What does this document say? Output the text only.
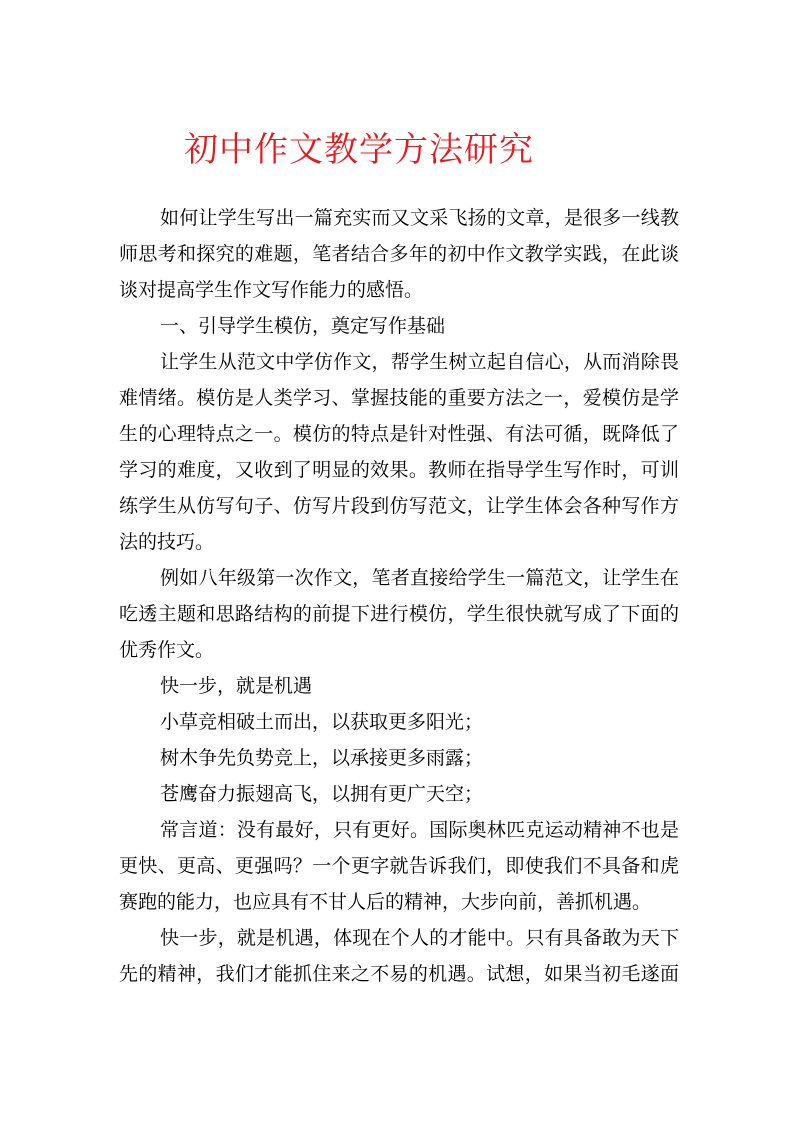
初中作文教学方法研究
如何让学生写出一篇充实而又文采飞扬的文章，是很多一线教
师思考和探究的难题，笔者结合多年的初中作文教学实践，在此谈
谈对提高学生作文写作能力的感悟。
一、引导学生模仿，奠定写作基础
让学生从范文中学仿作文，帮学生树立起自信心，从而消除畏
难情绪。模仿是人类学习、掌握技能的重要方法之一，爱模仿是学
生的心理特点之一。模仿的特点是针对性强、有法可循，既降低了
学习的难度，又收到了明显的效果。教师在指导学生写作时，可训
练学生从仿写句子、仿写片段到仿写范文，让学生体会各种写作方
法的技巧。
例如八年级第一次作文，笔者直接给学生一篇范文，让学生在
吃透主题和思路结构的前提下进行模仿，学生很快就写成了下面的
优秀作文。
快一步，就是机遇
小草竞相破土而出，以获取更多阳光；
树木争先负势竞上，以承接更多雨露；
苍鹰奋力振翅高飞，以拥有更广天空；
常言道：没有最好，只有更好。国际奥林匹克运动精神不也是
更快、更高、更强吗？一个更字就告诉我们，即使我们不具备和虎
赛跑的能力，也应具有不甘人后的精神，大步向前，善抓机遇。
快一步，就是机遇，体现在个人的才能中。只有具备敢为天下
先的精神，我们才能抓住来之不易的机遇。试想，如果当初毛遂面
